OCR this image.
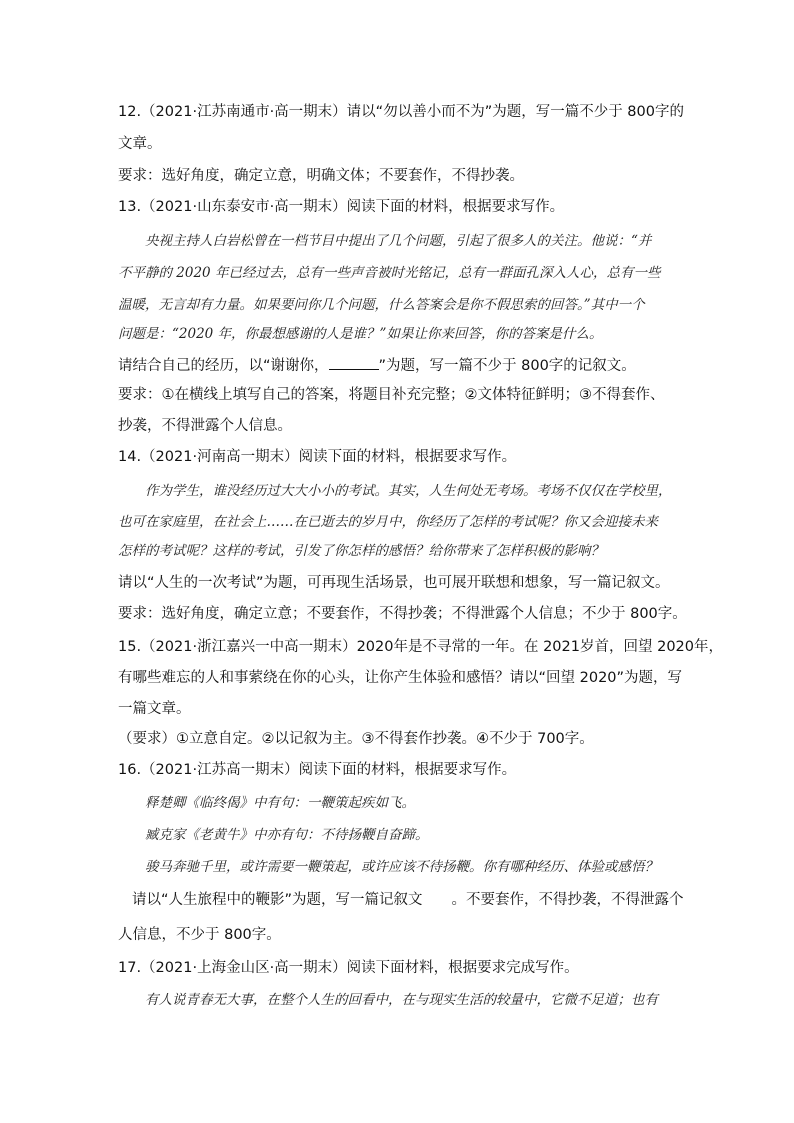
12.（2021·江苏南通市·高一期末）请以“勿以善小而不为”为题，写一篇不少于 800字的
文章。
要求：选好角度，确定立意，明确文体；不要套作，不得抄袭。
13.（2021·山东泰安市·高一期末）阅读下面的材料，根据要求写作。
央视主持人白岩松曾在一档节目中提出了几个问题，引起了很多人的关注。他说：“并
不平静的 2020 年已经过去，总有一些声音被时光铭记，总有一群面孔深入人心，总有一些
温暖，无言却有力量。如果要问你几个问题，什么答案会是你不假思索的回答。”其中一个
问题是：“2020 年，你最想感谢的人是谁？”如果让你来回答，你的答案是什么。
请结合自己的经历，以“谢谢你，	”为题，写一篇不少于 800字的记叙文。
要求：①在横线上填写自己的答案，将题目补充完整；②文体特征鲜明；③不得套作、
抄袭，不得泄露个人信息。
14.（2021·河南高一期末）阅读下面的材料，根据要求写作。
作为学生，谁没经历过大大小小的考试。其实，人生何处无考场。考场不仅仅在学校里，
也可在家庭里，在社会上……在已逝去的岁月中，你经历了怎样的考试呢？你又会迎接未来
怎样的考试呢？这样的考试，引发了你怎样的感悟？给你带来了怎样积极的影响？
请以“人生的一次考试”为题，可再现生活场景，也可展开联想和想象，写一篇记叙文。
要求：选好角度，确定立意；不要套作，不得抄袭；不得泄露个人信息；不少于 800字。
15.（2021·浙江嘉兴一中高一期末）2020年是不寻常的一年。在 2021岁首，回望 2020年，
有哪些难忘的人和事萦绕在你的心头，让你产生体验和感悟？请以“回望 2020”为题，写
一篇文章。
（要求）①立意自定。②以记叙为主。③不得套作抄袭。④不少于 700字。
16.（2021·江苏高一期末）阅读下面的材料，根据要求写作。
释楚卿《临终偈》中有句：一鞭策起疾如飞。
臧克家《老黄牛》中亦有句：不待扬鞭自奋蹄。
骏马奔驰千里，或许需要一鞭策起，或许应该不待扬鞭。你有哪种经历、体验或感悟？
请以“人生旅程中的鞭影”为题，写一篇记叙文　　。不要套作，不得抄袭，不得泄露个
人信息，不少于 800字。
17.（2021·上海金山区·高一期末）阅读下面材料，根据要求完成写作。
有人说青春无大事，在整个人生的回看中，在与现实生活的较量中，它微不足道；也有
